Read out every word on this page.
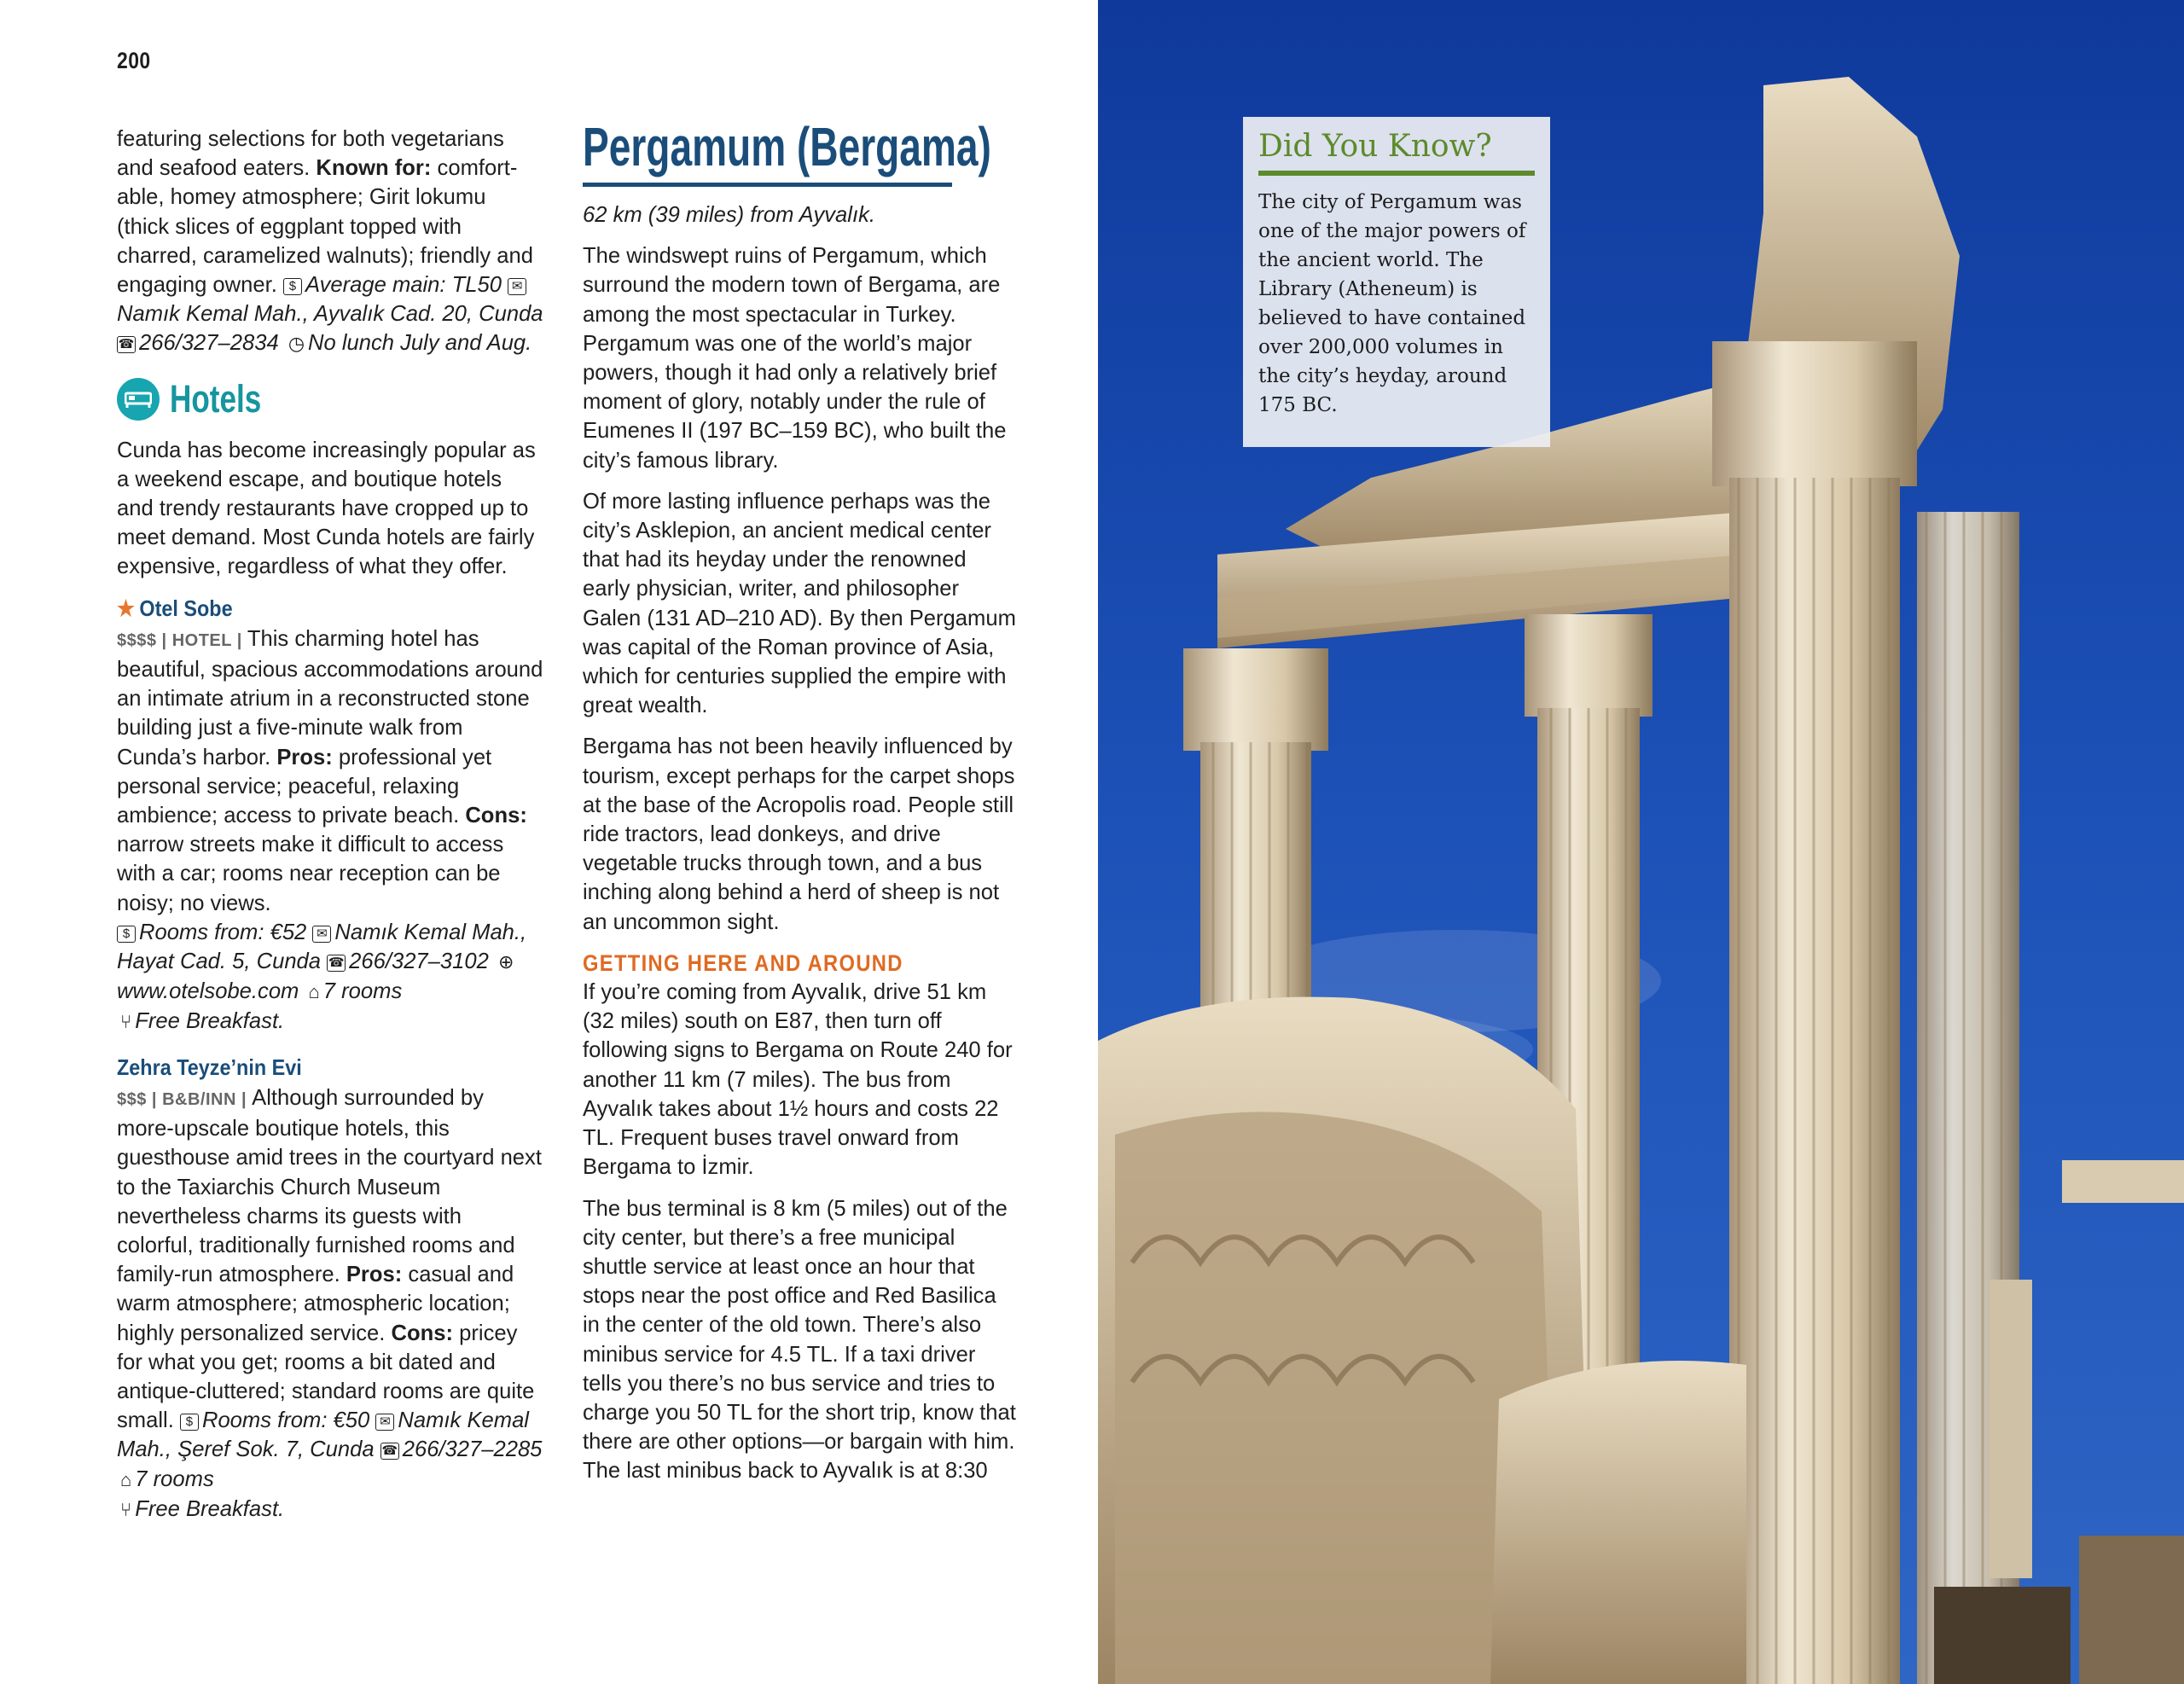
200

featuring selections for both vegetarians
and seafood eaters. Known for: comfortable, homey atmosphere; Girit lokumu (thick slices of eggplant topped with charred, caramelized walnuts); friendly and engaging owner. $ Average main: TL50 ✉Namık Kemal Mah., Ayvalık Cad. 20, Cunda ☎ 266/327–2834 ◷ No lunch July and Aug.

Hotels

Cunda has become increasingly popular as a weekend escape, and boutique hotels and trendy restaurants have cropped up to meet demand. Most Cunda hotels are fairly expensive, regardless of what they offer.

★ Otel Sobe

$$$$ | HOTEL | This charming hotel has beautiful, spacious accommodations around an intimate atrium in a reconstructed stone building just a five-minute walk from Cunda’s harbor. Pros: professional yet personal service; peaceful, relaxing ambience; access to private beach. Cons: narrow streets make it difficult to access with a car; rooms near reception can be noisy; no views.
$ Rooms from: €52 ✉ Namık Kemal Mah., Hayat Cad. 5, Cunda ☎ 266/327–3102 ⊕www.otelsobe.com ⌂ 7 rooms
⑂ Free Breakfast.

Zehra Teyze’nin Evi

$$$ | B&B/INN | Although surrounded by more-upscale boutique hotels, this guesthouse amid trees in the courtyard next to the Taxiarchis Church Museum nevertheless charms its guests with colorful, traditionally furnished rooms and family-run atmosphere. Pros: casual and warm atmosphere; atmospheric location; highly personalized service. Cons: pricey for what you get; rooms a bit dated and antique-cluttered; standard rooms are quite small. $ Rooms from: €50 ✉ Namık Kemal Mah., Şeref Sok. 7, Cunda ☎ 266/327–2285 ⌂ 7 rooms
⑂ Free Breakfast.

Pergamum (Bergama)

62 km (39 miles) from Ayvalık.

The windswept ruins of Pergamum, which surround the modern town of Bergama, are among the most spectacular in Turkey. Pergamum was one of the world’s major powers, though it had only a relatively brief moment of glory, notably under the rule of Eumenes II (197 BC–159 BC), who built the city’s famous library.

Of more lasting influence perhaps was the city’s Asklepion, an ancient medical center that had its heyday under the renowned early physician, writer, and philosopher Galen (131 AD–210 AD). By then Pergamum was capital of the Roman province of Asia, which for centuries supplied the empire with great wealth.

Bergama has not been heavily influenced by tourism, except perhaps for the carpet shops at the base of the Acropolis road. People still ride tractors, lead donkeys, and drive vegetable trucks through town, and a bus inching along behind a herd of sheep is not an uncommon sight.

GETTING HERE AND AROUND

If you’re coming from Ayvalık, drive 51 km (32 miles) south on E87, then turn off following signs to Bergama on Route 240 for another 11 km (7 miles). The bus from Ayvalık takes about 1½ hours and costs 22 TL. Frequent buses travel onward from Bergama to İzmir.

The bus terminal is 8 km (5 miles) out of the city center, but there’s a free municipal shuttle service at least once an hour that stops near the post office and Red Basilica in the center of the old town. There’s also minibus service for 4.5 TL. If a taxi driver tells you there’s no bus service and tries to charge you 50 TL for the short trip, know that there are other options—or bargain with him. The last minibus back to Ayvalık is at 8:30

Did You Know?
The city of Pergamum was one of the major powers of the ancient world. The Library (Atheneum) is believed to have contained over 200,000 volumes in the city’s heyday, around 175 BC.
